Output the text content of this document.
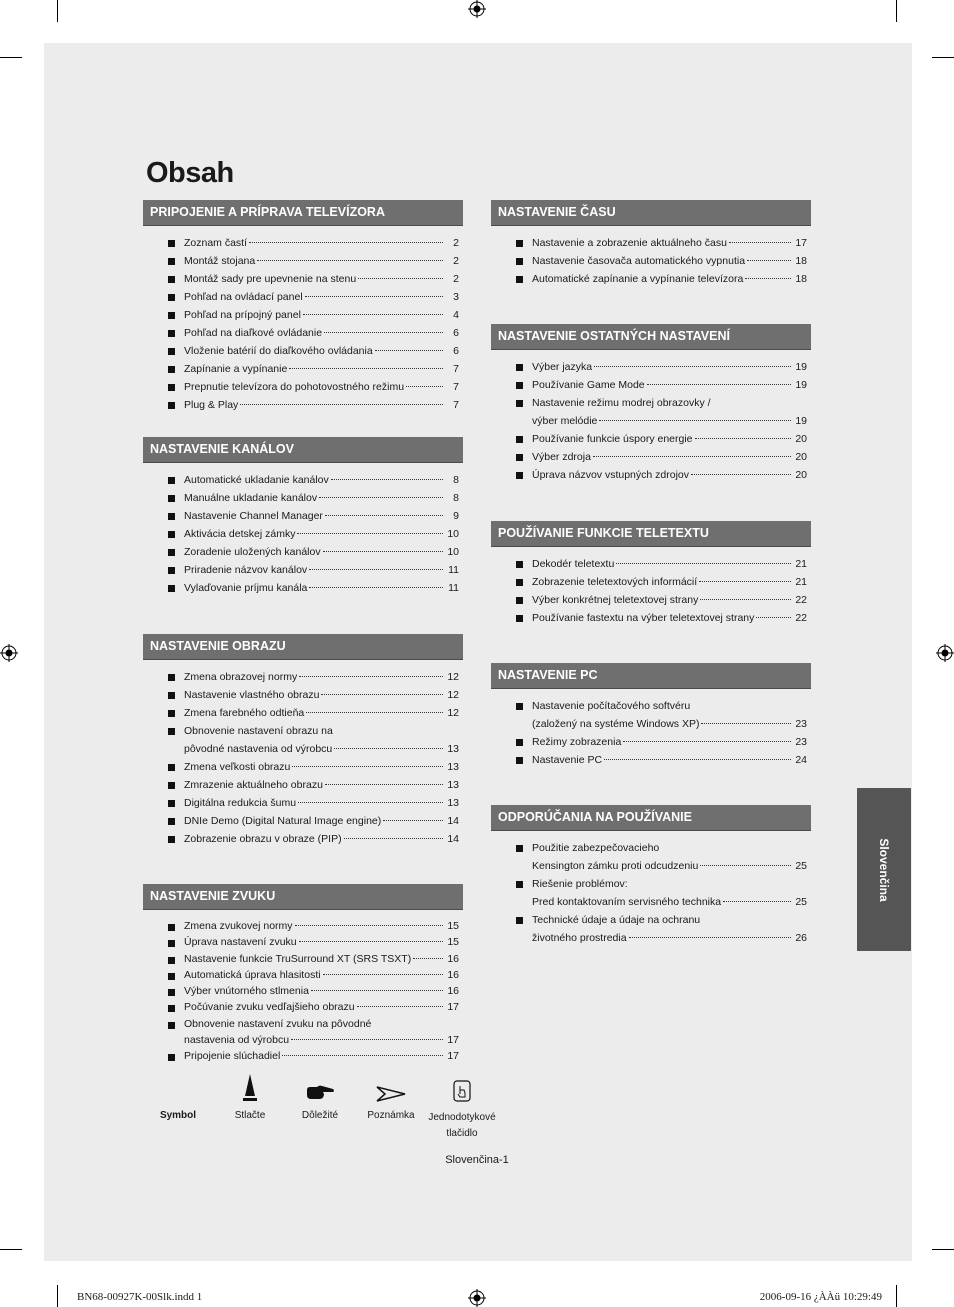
Obsah
PRIPOJENIE A PRÍPRAVA TELEVÍZORA
Zoznam častí	2
Montáž stojana	2
Montáž sady pre upevnenie na stenu	2
Pohľad na ovládací panel	3
Pohľad na prípojný panel	4
Pohľad na diaľkové ovládanie	6
Vloženie batérií do diaľkového ovládania	6
Zapínanie a vypínanie	7
Prepnutie televízora do pohotovostného režimu	7
Plug & Play	7
NASTAVENIE KANÁLOV
Automatické ukladanie kanálov	8
Manuálne ukladanie kanálov	8
Nastavenie Channel Manager	9
Aktivácia detskej zámky	10
Zoradenie uložených kanálov	10
Priradenie názvov kanálov	11
Vylaďovanie príjmu kanála	11
NASTAVENIE OBRAZU
Zmena obrazovej normy	12
Nastavenie vlastného obrazu	12
Zmena farebného odtieňa	12
Obnovenie nastavení obrazu na
pôvodné nastavenia od výrobcu	13
Zmena veľkosti obrazu	13
Zmrazenie aktuálneho obrazu	13
Digitálna redukcia šumu	13
DNIe Demo (Digital Natural Image engine)	14
Zobrazenie obrazu v obraze (PIP)	14
NASTAVENIE ZVUKU
Zmena zvukovej normy	15
Úprava nastavení zvuku	15
Nastavenie funkcie TruSurround XT (SRS TSXT)	16
Automatická úprava hlasitosti	16
Výber vnútorného stlmenia	16
Počúvanie zvuku vedľajšieho obrazu	17
Obnovenie nastavení zvuku na pôvodné
nastavenia od výrobcu	17
Pripojenie slúchadiel	17
NASTAVENIE ČASU
Nastavenie a zobrazenie aktuálneho času	17
Nastavenie časovača automatického vypnutia	18
Automatické zapínanie a vypínanie televízora	18
NASTAVENIE OSTATNÝCH NASTAVENÍ
Výber jazyka	19
Používanie Game Mode	19
Nastavenie režimu modrej obrazovky /
výber melódie	19
Používanie funkcie úspory energie	20
Výber zdroja	20
Úprava názvov vstupných zdrojov	20
POUŽÍVANIE FUNKCIE TELETEXTU
Dekodér teletextu	21
Zobrazenie teletextových informácií	21
Výber konkrétnej teletextovej strany	22
Používanie fastextu na výber teletextovej strany	22
NASTAVENIE PC
Nastavenie počítačového softvéru
(založený na systéme Windows XP)	23
Režimy zobrazenia	23
Nastavenie PC	24
ODPORÚČANIA NA POUŽÍVANIE
Použitie zabezpečovacieho
Kensington zámku proti odcudzeniu	25
Riešenie problémov:
Pred kontaktovaním servisného technika	25
Technické údaje a údaje na ochranu
životného prostredia	26
Slovenčina
Symbol	Stlačte	Dôležité	Poznámka	Jednodotykové
tlačidlo
Slovenčina-1
BN68-00927K-00Slk.indd 1	2006-09-16 ¿ÀÀü 10:29:49
